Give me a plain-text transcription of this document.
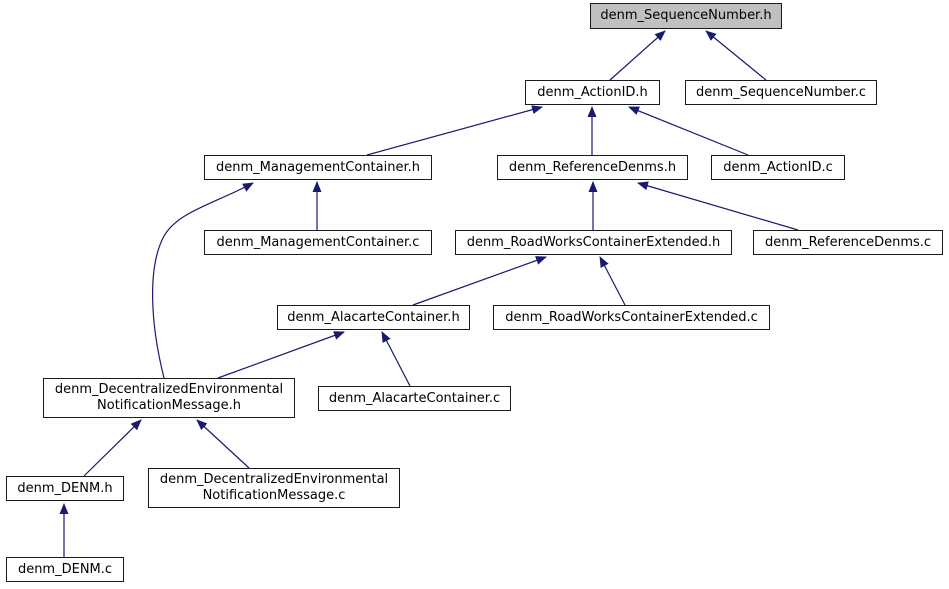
denm_SequenceNumber.h
denm_ActionID.h	denm_SequenceNumber.c
denm_ManagementContainer.h	denm_ReferenceDenms.h	denm_ActionID.c
denm_ManagementContainer.c	denm_RoadWorksContainerExtended.h	denm_ReferenceDenms.c
denm_AlacarteContainer.h	denm_RoadWorksContainerExtended.c
denm_DecentralizedEnvironmental
NotificationMessage.h	denm_AlacarteContainer.c
denm_DENM.h
denm_DecentralizedEnvironmental
NotificationMessage.c
denm_DENM.c
